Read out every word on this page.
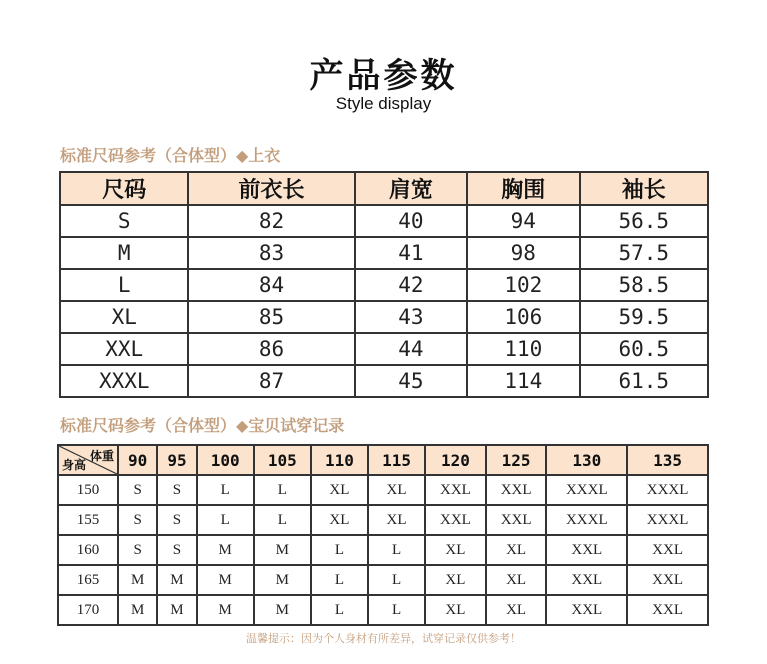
产品参数
Style display
标准尺码参考（合体型）◆上衣
尺码	前衣长	肩宽	胸围	袖长
S	82	40	94	56.5
M	83	41	98	57.5
L	84	42	102	58.5
XL	85	43	106	59.5
XXL	86	44	110	60.5
XXXL	87	45	114	61.5
标准尺码参考（合体型）◆宝贝试穿记录
体重
身高	90	95	100	105	110	115	120	125	130	135
150	S	S	L	L	XL	XL	XXL	XXL	XXXL	XXXL
155	S	S	L	L	XL	XL	XXL	XXL	XXXL	XXXL
160	S	S	M	M	L	L	XL	XL	XXL	XXL
165	M	M	M	M	L	L	XL	XL	XXL	XXL
170	M	M	M	M	L	L	XL	XL	XXL	XXL
温馨提示：因为个人身材有所差异，试穿记录仅供参考！
